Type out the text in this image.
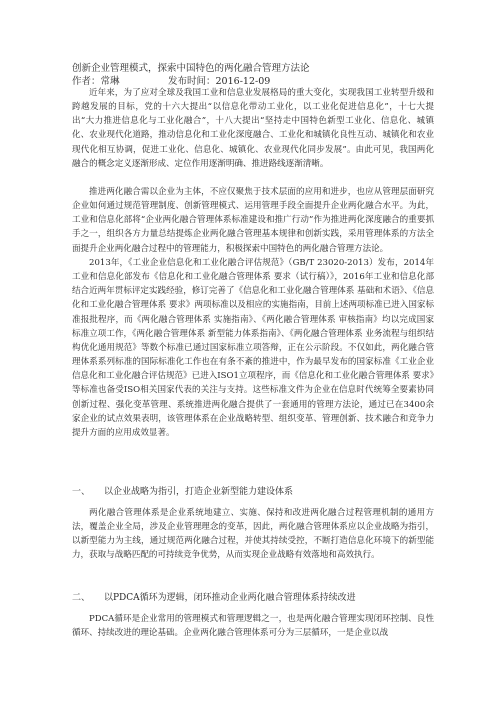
创新企业管理模式，探索中国特色的两化融合管理方法论
作者：常琳	发布时间：2016-12-09

近年来，为了应对全球及我国工业和信息业发展格局的重大变化，实现我国工业转型升级和跨越发展的目标，党的十六大提出“以信息化带动工业化，以工业化促进信息化”，十七大提出“大力推进信息化与工业化融合”，十八大提出“坚持走中国特色新型工业化、信息化、城镇化、农业现代化道路，推动信息化和工业化深度融合、工业化和城镇化良性互动、城镇化和农业现代化相互协调，促进工业化、信息化、城镇化、农业现代化同步发展”。由此可见，我国两化融合的概念定义逐渐形成、定位作用逐渐明确、推进路线逐渐清晰。

推进两化融合需以企业为主体，不应仅聚焦于技术层面的应用和进步，也应从管理层面研究企业如何通过规范管理制度、创新管理模式、运用管理手段全面提升企业两化融合水平。为此，工业和信息化部将“企业两化融合管理体系标准建设和推广行动”作为推进两化深度融合的重要抓手之一，组织各方力量总结提炼企业两化融合管理基本规律和创新实践，采用管理体系的方法全面提升企业两化融合过程中的管理能力，积极探索中国特色的两化融合管理方法论。

2013年，《工业企业信息化和工业化融合评估规范》（GB/T 23020-2013）发布，2014年工业和信息化部发布《信息化和工业化融合管理体系 要求（试行稿）》，2016年工业和信息化部结合近两年贯标评定实践经验，修订完善了《信息化和工业化融合管理体系 基础和术语》、《信息化和工业化融合管理体系 要求》两项标准以及相应的实施指南，目前上述两项标准已进入国家标准报批程序，而《两化融合管理体系 实施指南》、《两化融合管理体系 审核指南》均以完成国家标准立项工作，《两化融合管理体系 新型能力体系指南》、《两化融合管理体系 业务流程与组织结构优化通用规范》等数个标准已通过国家标准立项答辩，正在公示阶段。不仅如此，两化融合管理体系系列标准的国际标准化工作也在有条不紊的推进中，作为最早发布的国家标准《工业企业信息化和工业化融合评估规范》已进入ISO1立项程序，而《信息化和工业化融合管理体系 要求》等标准也备受ISO相关国家代表的关注与支持。这些标准文件为企业在信息时代统筹全要素协同创新过程、强化变革管理、系统推进两化融合提供了一套通用的管理方法论，通过已在3400余家企业的试点效果表明，该管理体系在企业战略转型、组织变革、管理创新、技术融合和竞争力提升方面的应用成效显著。

一、 以企业战略为指引，打造企业新型能力建设体系

两化融合管理体系是企业系统地建立、实施、保持和改进两化融合过程管理机制的通用方法，覆盖企业全局，涉及企业管理理念的变革，因此，两化融合管理体系应以企业战略为指引，以新型能力为主线，通过规范两化融合过程，并使其持续受控，不断打造信息化环境下的新型能力，获取与战略匹配的可持续竞争优势，从而实现企业战略有效落地和高效执行。

二、 以PDCA循环为逻辑，闭环推动企业两化融合管理体系持续改进

PDCA循环是企业常用的管理模式和管理逻辑之一，也是两化融合管理实现闭环控制、良性循环、持续改进的理论基础。企业两化融合管理体系可分为三层循环，一是企业以战
